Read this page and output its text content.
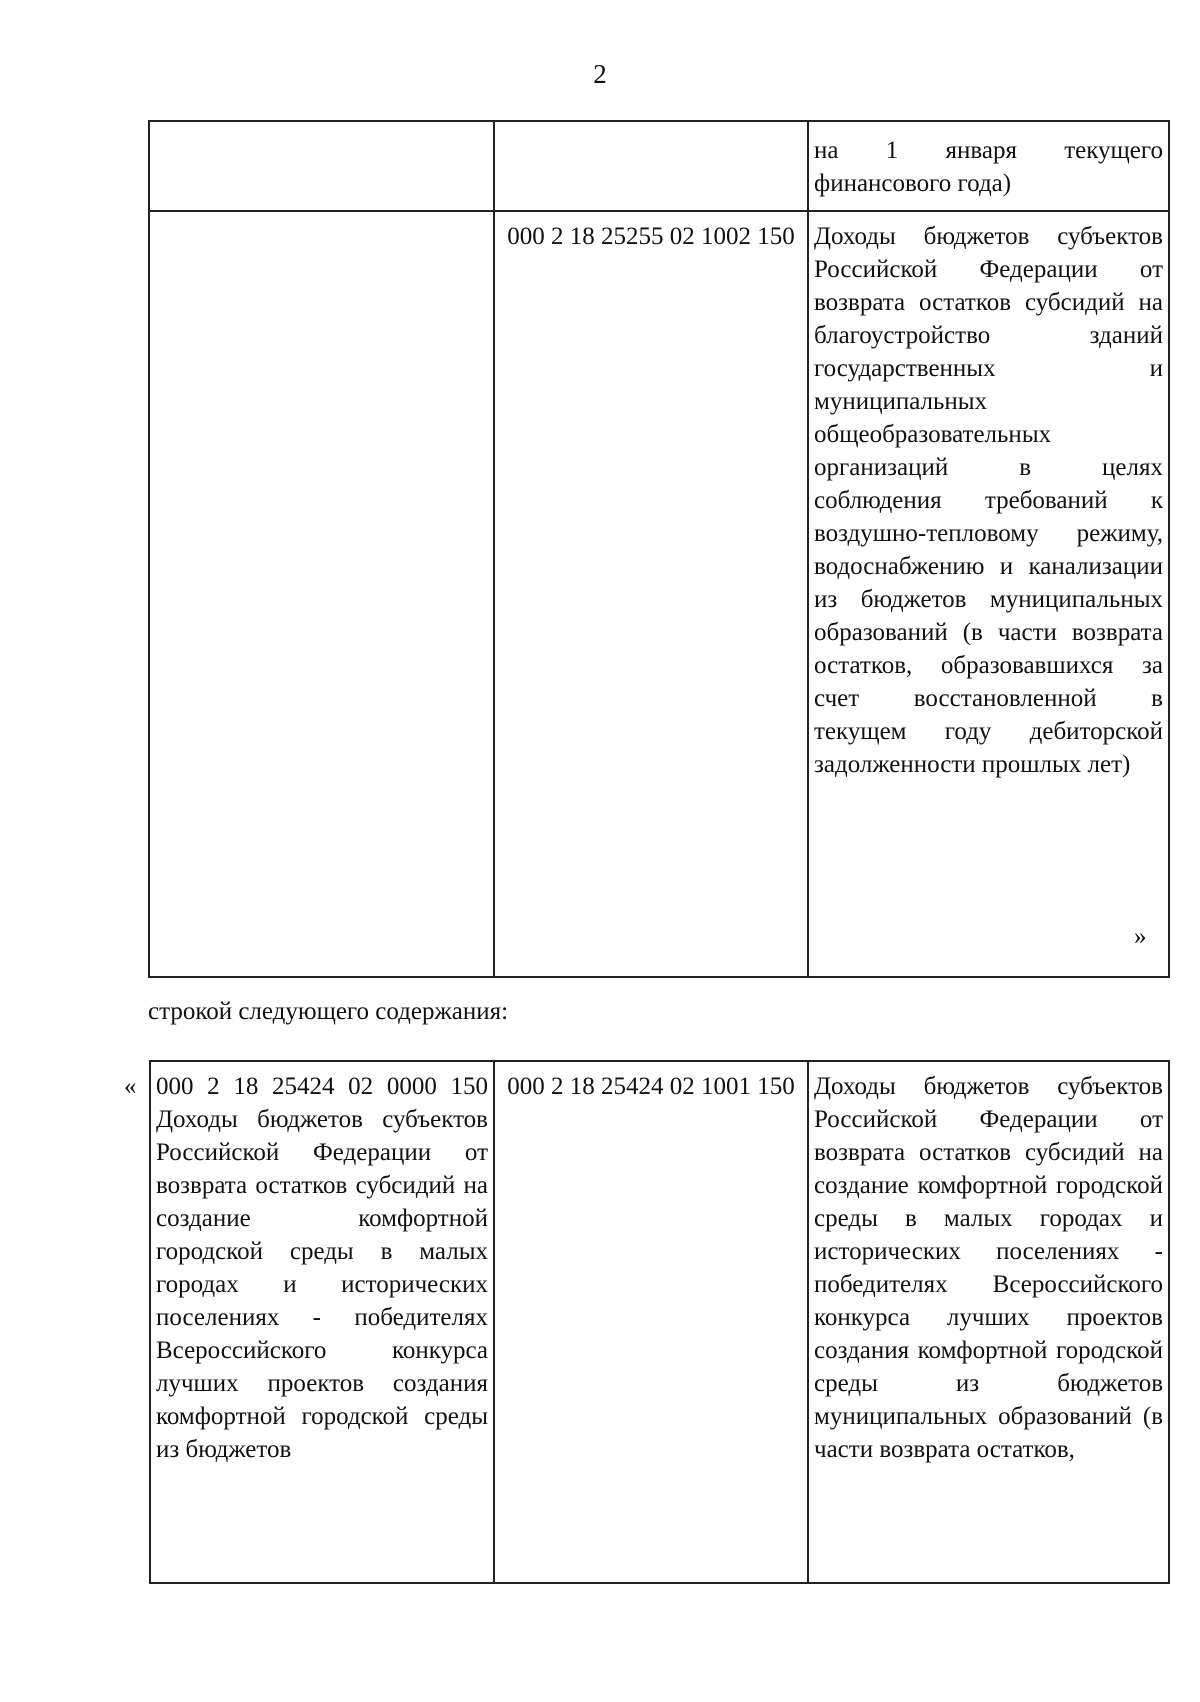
2
		на 1 января текущего финансового года)
	000 2 18 25255 02 1002 150	Доходы бюджетов субъектов Российской Федерации от возврата остатков субсидий на благоустройство зданий государственных и муниципальных общеобразовательных организаций в целях соблюдения требований к воздушно-тепловому режиму, водоснабжению и канализации из бюджетов муниципальных образований (в части возврата остатков, образовавшихся за счет восстановленной в текущем году дебиторской задолженности прошлых лет)
»
строкой следующего содержания:
« 000 2 18 25424 02 0000 150 Доходы бюджетов субъектов Российской Федерации от возврата остатков субсидий на создание комфортной городской среды в малых городах и исторических поселениях - победителях Всероссийского конкурса лучших проектов создания комфортной городской среды из бюджетов	000 2 18 25424 02 1001 150	Доходы бюджетов субъектов Российской Федерации от возврата остатков субсидий на создание комфортной городской среды в малых городах и исторических поселениях - победителях Всероссийского конкурса лучших проектов создания комфортной городской среды из бюджетов муниципальных образований (в части возврата остатков,
